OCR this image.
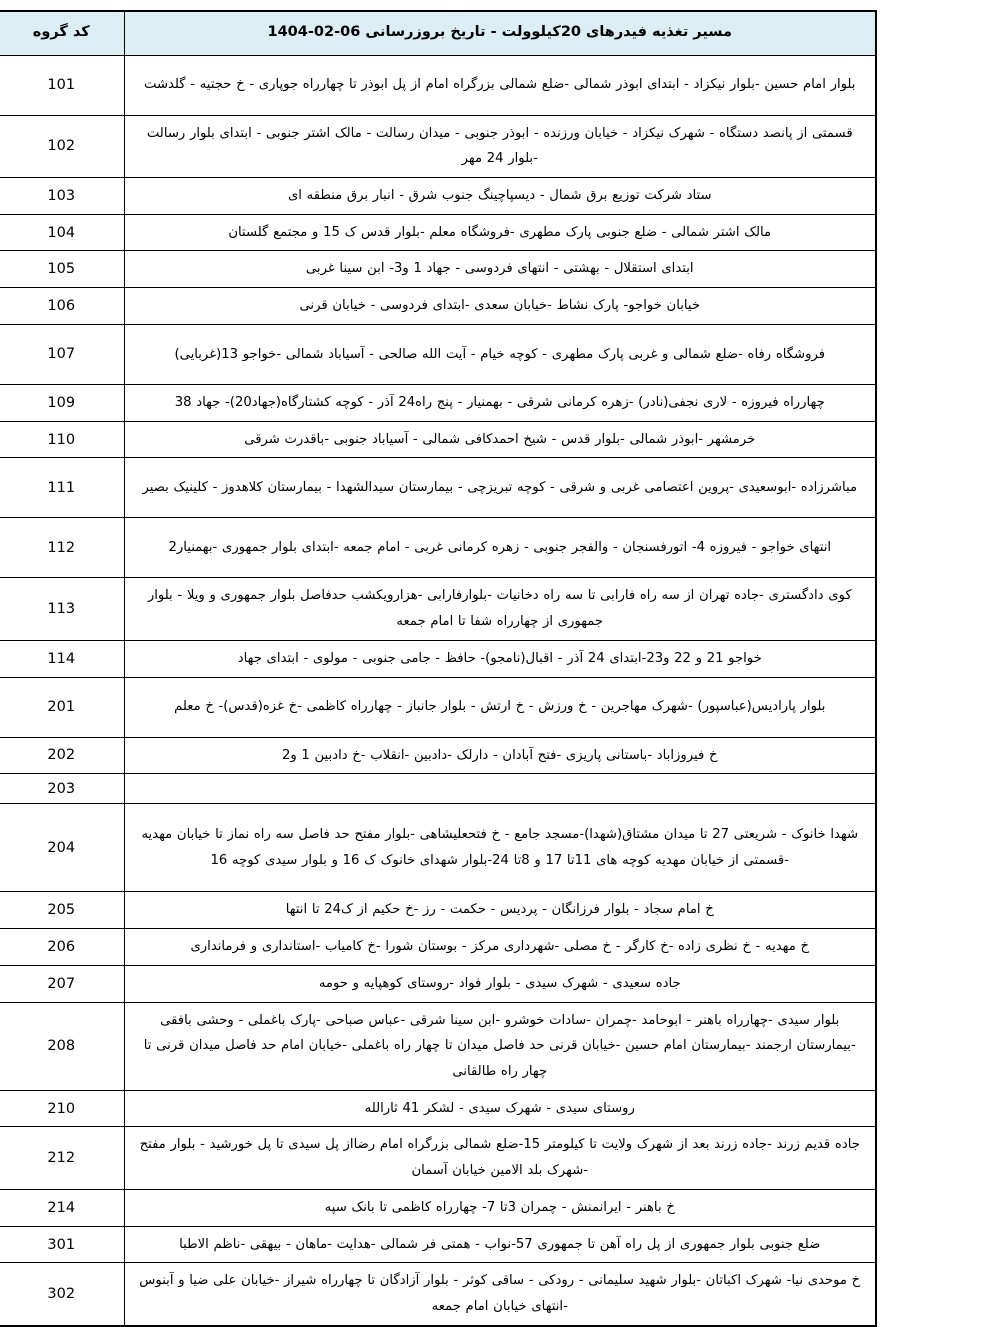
مسیر تغذیه فیدرهای 20کیلوولت - تاریخ بروزرسانی 06-02-1404	کد گروه

بلوار امام حسین -بلوار نیکزاد - ابتدای ابوذر شمالی -ضلع شمالی بزرگراه امام از پل ابوذر تا چهارراه جوپاری - خ حجتیه - گلدشت	101

قسمتی از پانصد دستگاه - شهرک نیکزاد - خیابان ورزنده - ابوذر جنوبی - میدان رسالت - مالک اشتر جنوبی - ابتدای بلوار رسالت -بلوار 24 مهر	102

ستاد شرکت توزیع برق شمال - دیسپاچینگ جنوب شرق - انبار برق منطقه ای	103

مالک اشتر شمالی - ضلع جنوبی پارک مطهری -فروشگاه معلم -بلوار قدس ک 15 و مجتمع گلستان	104

ابتدای استقلال - بهشتی - انتهای فردوسی - جهاد 1 و3- ابن سینا غربی	105

خیابان خواجو- پارک نشاط -خیابان سعدی -ابتدای فردوسی - خیابان قرنی	106

فروشگاه رفاه -ضلع شمالی و غربی پارک مطهری - کوچه خیام - آیت الله صالحی - آسیاباد شمالی -خواجو 13(غربایی)	107

چهارراه فیروزه - لاری نجفی(نادر) -زهره کرمانی شرقی - بهمنیار - پنج راه24 آذر - کوچه کشتارگاه(جهاد20)- جهاد 38	109

خرمشهر -ابوذر شمالی -بلوار قدس - شیخ احمدکافی شمالی - آسیاباد جنوبی -باقدرت شرقی	110

مباشرزاده -ابوسعیدی -پروین اعتصامی غربی و شرقی - کوچه تبریزچی - بیمارستان سیدالشهدا - بیمارستان کلاهدوز - کلینیک بصیر	111

انتهای خواجو - فیروزه 4- اتورفسنجان - والفجر جنوبی - زهره کرمانی غربی - امام جمعه -ابتدای بلوار جمهوری -بهمنیار2	112

کوی دادگستری -جاده تهران از سه راه فارابی تا سه راه دخانیات -بلوارفارابی -هزارویکشب حدفاصل بلوار جمهوری و ویلا - بلوار جمهوری از چهارراه شفا تا امام جمعه	113

خواجو 21 و 22 و23-ابتدای 24 آذر - اقبال(نامجو)- حافظ - جامی جنوبی - مولوی - ابتدای جهاد	114

بلوار پارادیس(عباسپور) -شهرک مهاجرین - خ ورزش - خ ارتش - بلوار جانباز - چهارراه کاظمی -خ غزه(قدس)- خ معلم	201

خ فیروزاباد -باستانی پاریزی -فتح آبادان - دارلک -دادبین -انقلاب -خ دادبین 1 و2	202

	203

شهدا خانوک - شریعتی 27 تا میدان مشتاق(شهدا)-مسجد جامع - خ فتحعلیشاهی -بلوار مفتح حد فاصل سه راه نماز تا خیابان مهدیه -قسمتی از خیابان مهدیه کوچه های 11تا 17 و 8تا 24-بلوار شهدای خانوک ک 16 و بلوار سیدی کوچه 16	204

خ امام سجاد - بلوار فرزانگان - پردیس - حکمت - رز -خ حکیم از ک24 تا انتها	205

خ مهدیه - خ نظری زاده -خ کارگر - خ مصلی -شهرداری مرکز - بوستان شورا -خ کامیاب -استانداری و فرمانداری	206

جاده سعیدی - شهرک سیدی - بلوار فواد -روستای کوهپایه و حومه	207

بلوار سیدی -چهارراه باهنر - ابوحامد -چمران -سادات خوشرو -ابن سینا شرقی -عباس صباحی -پارک باغملی - وحشی بافقی -بیمارستان ارجمند -بیمارستان امام حسین -خیابان قرنی حد فاصل میدان تا چهار راه باغملی -خیابان امام حد فاصل میدان قرنی تا چهار راه طالقانی	208

روستای سیدی - شهرک سیدی - لشکر 41 ثارالله	210

جاده قدیم زرند -جاده زرند بعد از شهرک ولایت تا کیلومتر 15-ضلع شمالی بزرگراه امام رضااز پل سیدی تا پل خورشید - بلوار مفتح -شهرک بلد الامین خیابان آسمان	212

خ باهنر - ایرانمنش - چمران 3تا 7- چهارراه کاظمی تا بانک سپه	214

ضلع جنوبی بلوار جمهوری از پل راه آهن تا جمهوری 57-نواب - همتی فر شمالی -هدایت -ماهان - بیهقی -ناظم الاطبا	301

خ موحدی نیا- شهرک اکباتان -بلوار شهید سلیمانی - رودکی - ساقی کوثر - بلوار آزادگان تا چهارراه شیراز -خیابان علی ضیا و آبنوس -انتهای خیابان امام جمعه	302
